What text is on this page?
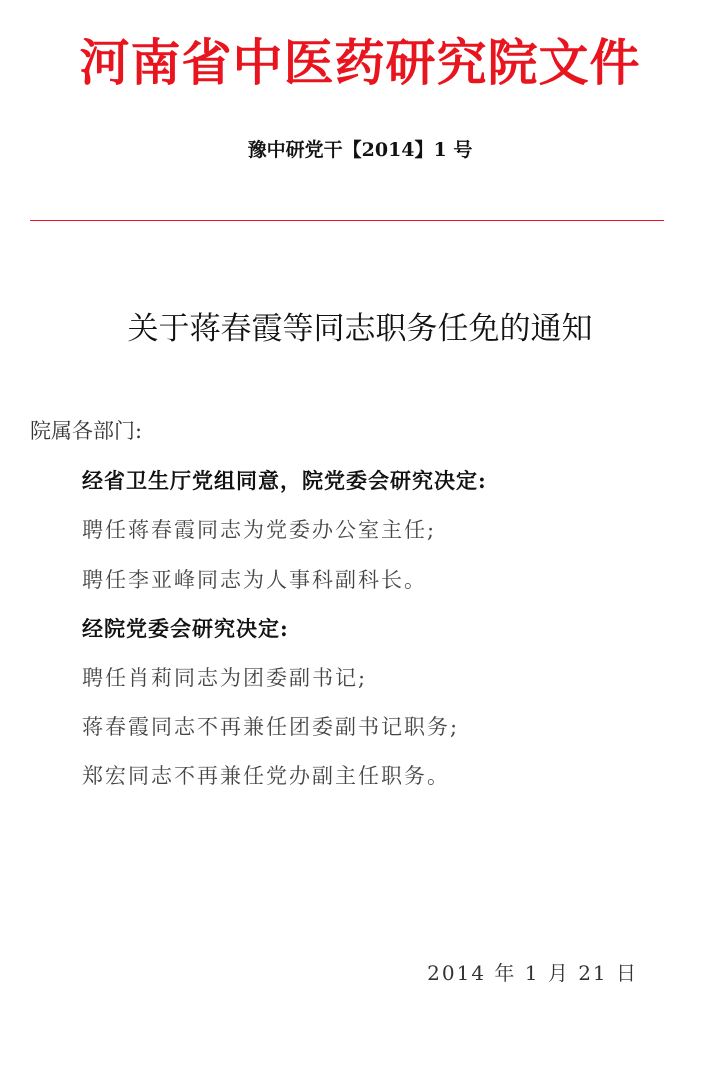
河南省中医药研究院文件
豫中研党干【2014】1 号
关于蒋春霞等同志职务任免的通知
院属各部门:
经省卫生厅党组同意，院党委会研究决定:
聘任蒋春霞同志为党委办公室主任;
聘任李亚峰同志为人事科副科长。
经院党委会研究决定:
聘任肖莉同志为团委副书记;
蒋春霞同志不再兼任团委副书记职务;
郑宏同志不再兼任党办副主任职务。
2014 年 1 月 21 日
